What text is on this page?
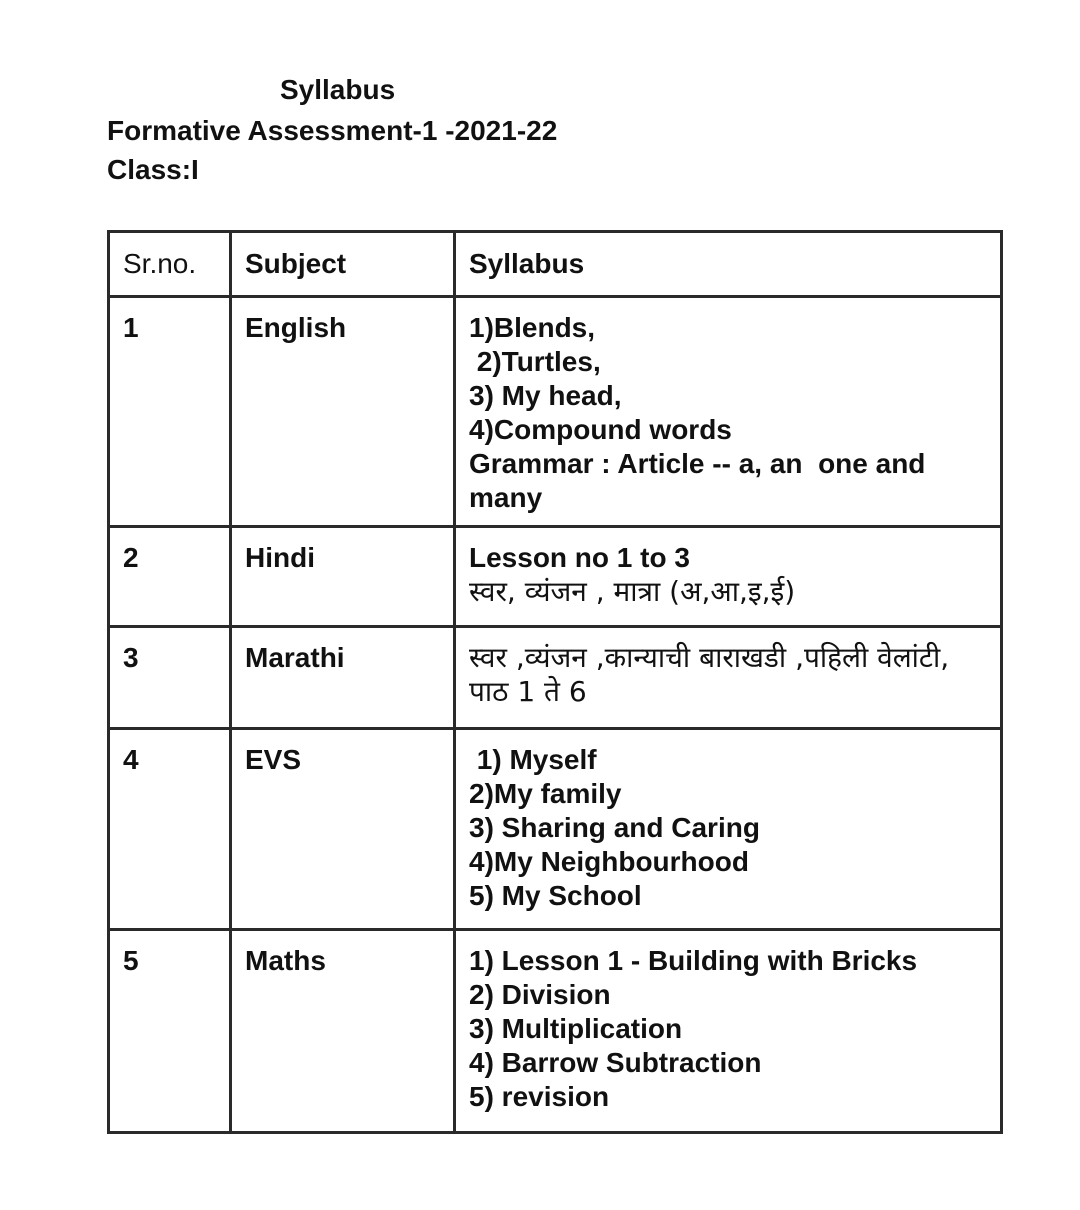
Syllabus

Formative Assessment-1 -2021-22

Class:I

Sr.no.	Subject	Syllabus
1	English	1)Blends,
2)Turtles,
3) My head,
4)Compound words
Grammar : Article -- a, an  one and many

2	Hindi	Lesson no 1 to 3
स्वर, व्यंजन , मात्रा (अ,आ,इ,ई)

3	Marathi	स्वर ,व्यंजन ,कान्याची बाराखडी ,पहिली वेलांटी, पाठ 1 ते 6

4	EVS	1) Myself
2)My family
3) Sharing and Caring
4)My Neighbourhood
5) My School

5	Maths	1) Lesson 1 - Building with Bricks
2) Division
3) Multiplication
4) Barrow Subtraction
5) revision
